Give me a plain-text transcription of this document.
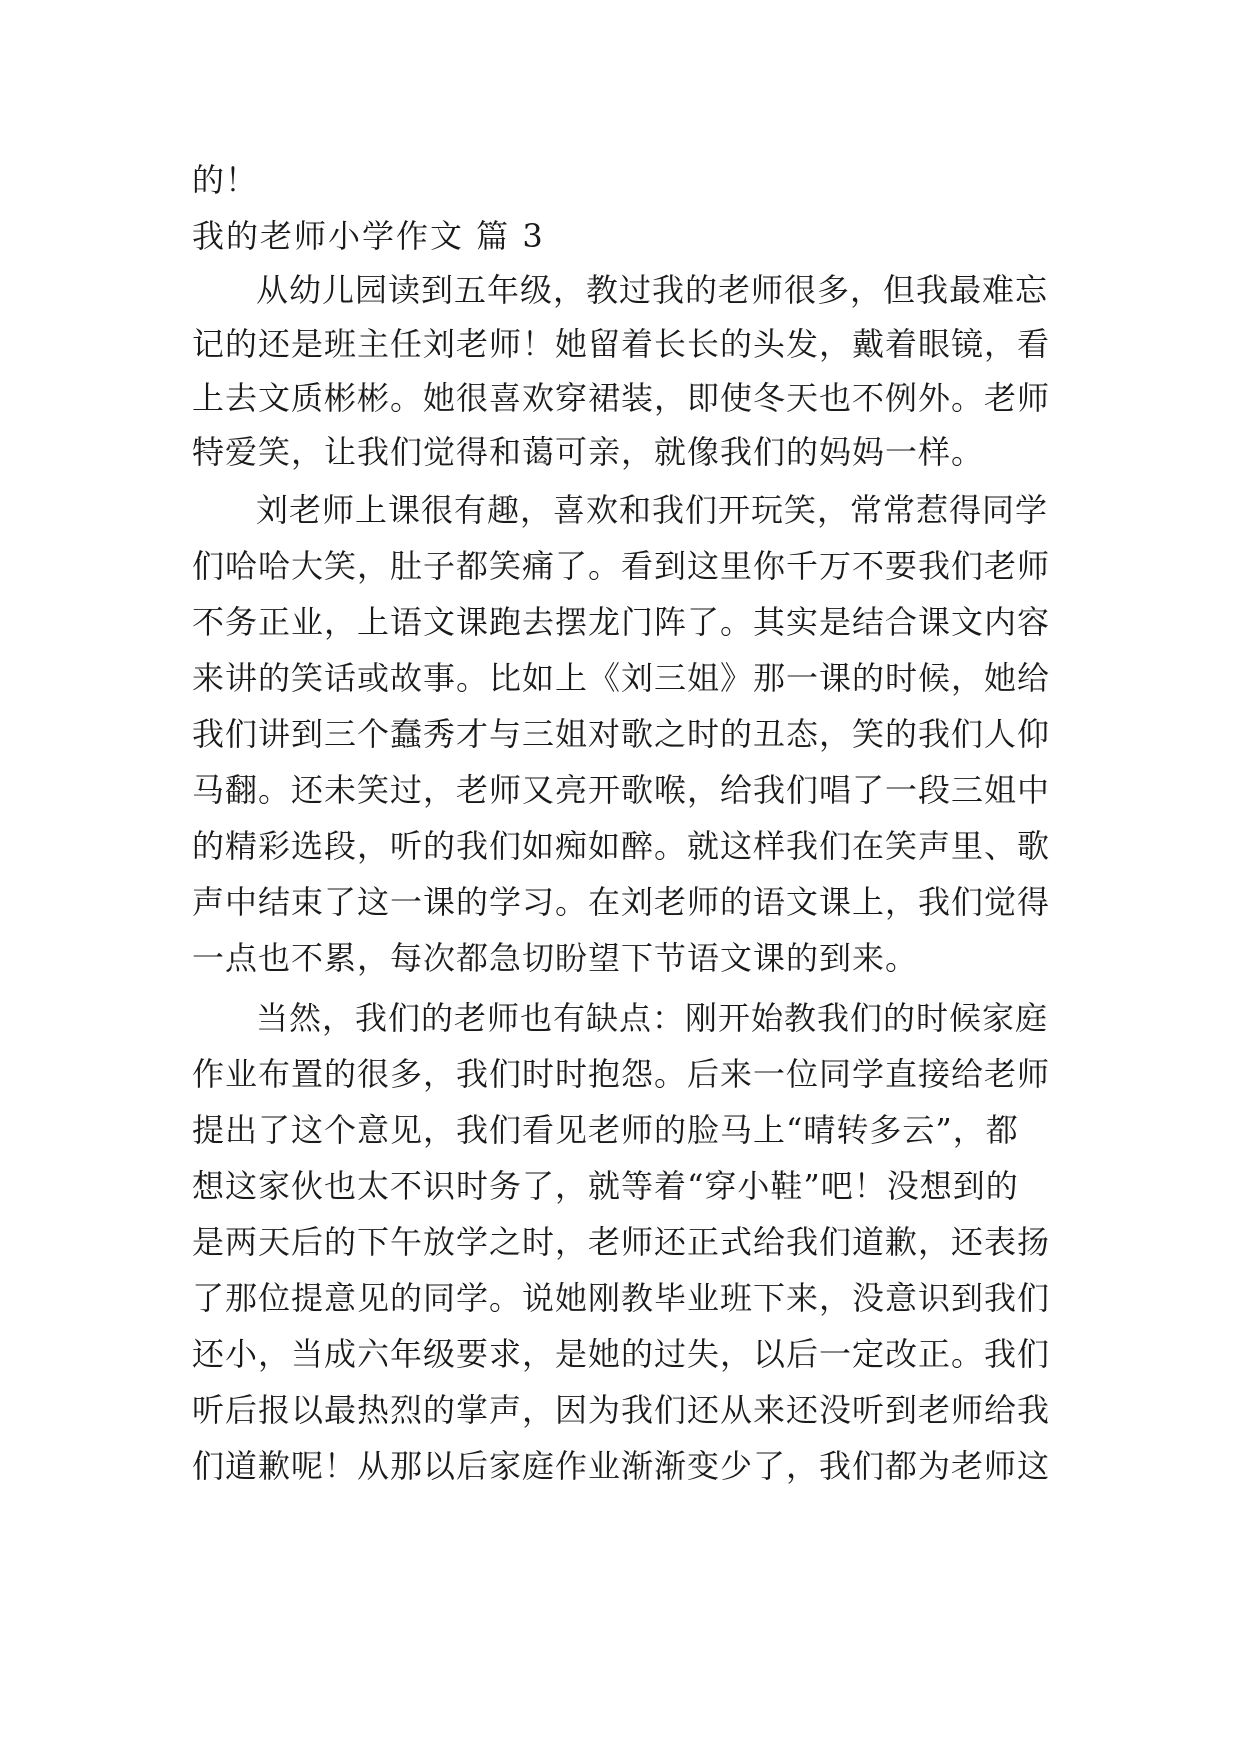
的！
我的老师小学作文 篇 3
从幼儿园读到五年级，教过我的老师很多，但我最难忘
记的还是班主任刘老师！她留着长长的头发，戴着眼镜，看
上去文质彬彬。她很喜欢穿裙装，即使冬天也不例外。老师
特爱笑，让我们觉得和蔼可亲，就像我们的妈妈一样。
刘老师上课很有趣，喜欢和我们开玩笑，常常惹得同学
们哈哈大笑，肚子都笑痛了。看到这里你千万不要我们老师
不务正业，上语文课跑去摆龙门阵了。其实是结合课文内容
来讲的笑话或故事。比如上《刘三姐》那一课的时候，她给
我们讲到三个蠢秀才与三姐对歌之时的丑态，笑的我们人仰
马翻。还未笑过，老师又亮开歌喉，给我们唱了一段三姐中
的精彩选段，听的我们如痴如醉。就这样我们在笑声里、歌
声中结束了这一课的学习。在刘老师的语文课上，我们觉得
一点也不累，每次都急切盼望下节语文课的到来。
当然，我们的老师也有缺点：刚开始教我们的时候家庭
作业布置的很多，我们时时抱怨。后来一位同学直接给老师
提出了这个意见，我们看见老师的脸马上“晴转多云”，都
想这家伙也太不识时务了，就等着“穿小鞋”吧！没想到的
是两天后的下午放学之时，老师还正式给我们道歉，还表扬
了那位提意见的同学。说她刚教毕业班下来，没意识到我们
还小，当成六年级要求，是她的过失，以后一定改正。我们
听后报以最热烈的掌声，因为我们还从来还没听到老师给我
们道歉呢！从那以后家庭作业渐渐变少了，我们都为老师这
